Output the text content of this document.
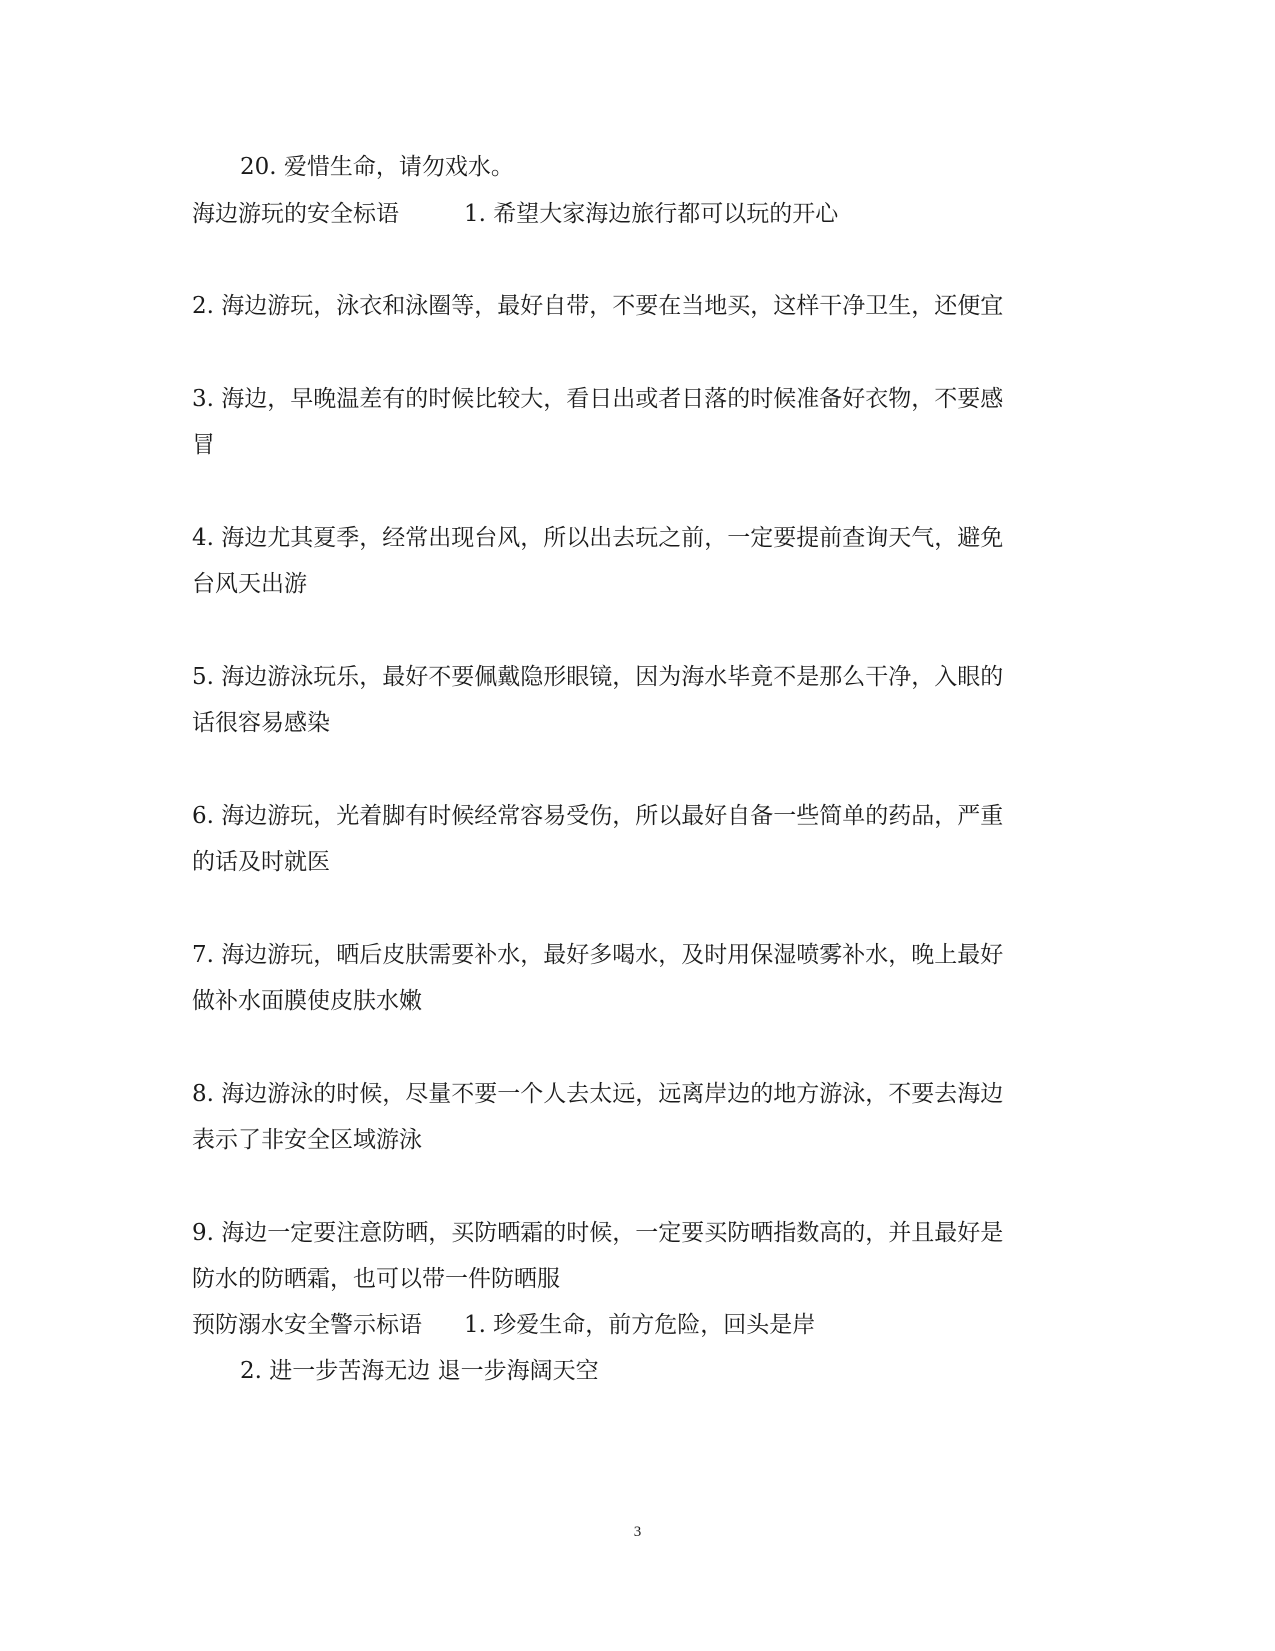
20. 爱惜生命，请勿戏水。

海边游玩的安全标语	1. 希望大家海边旅行都可以玩的开心

2. 海边游玩，泳衣和泳圈等，最好自带，不要在当地买，这样干净卫生，还便宜

3. 海边，早晚温差有的时候比较大，看日出或者日落的时候准备好衣物，不要感

冒

4. 海边尤其夏季，经常出现台风，所以出去玩之前，一定要提前查询天气，避免

台风天出游

5. 海边游泳玩乐，最好不要佩戴隐形眼镜，因为海水毕竟不是那么干净，入眼的

话很容易感染

6. 海边游玩，光着脚有时候经常容易受伤，所以最好自备一些简单的药品，严重

的话及时就医

7. 海边游玩，晒后皮肤需要补水，最好多喝水，及时用保湿喷雾补水，晚上最好

做补水面膜使皮肤水嫩

8. 海边游泳的时候，尽量不要一个人去太远，远离岸边的地方游泳，不要去海边

表示了非安全区域游泳

9. 海边一定要注意防晒，买防晒霜的时候，一定要买防晒指数高的，并且最好是

防水的防晒霜，也可以带一件防晒服

预防溺水安全警示标语 1. 珍爱生命，前方危险，回头是岸

2. 进一步苦海无边 退一步海阔天空

3
